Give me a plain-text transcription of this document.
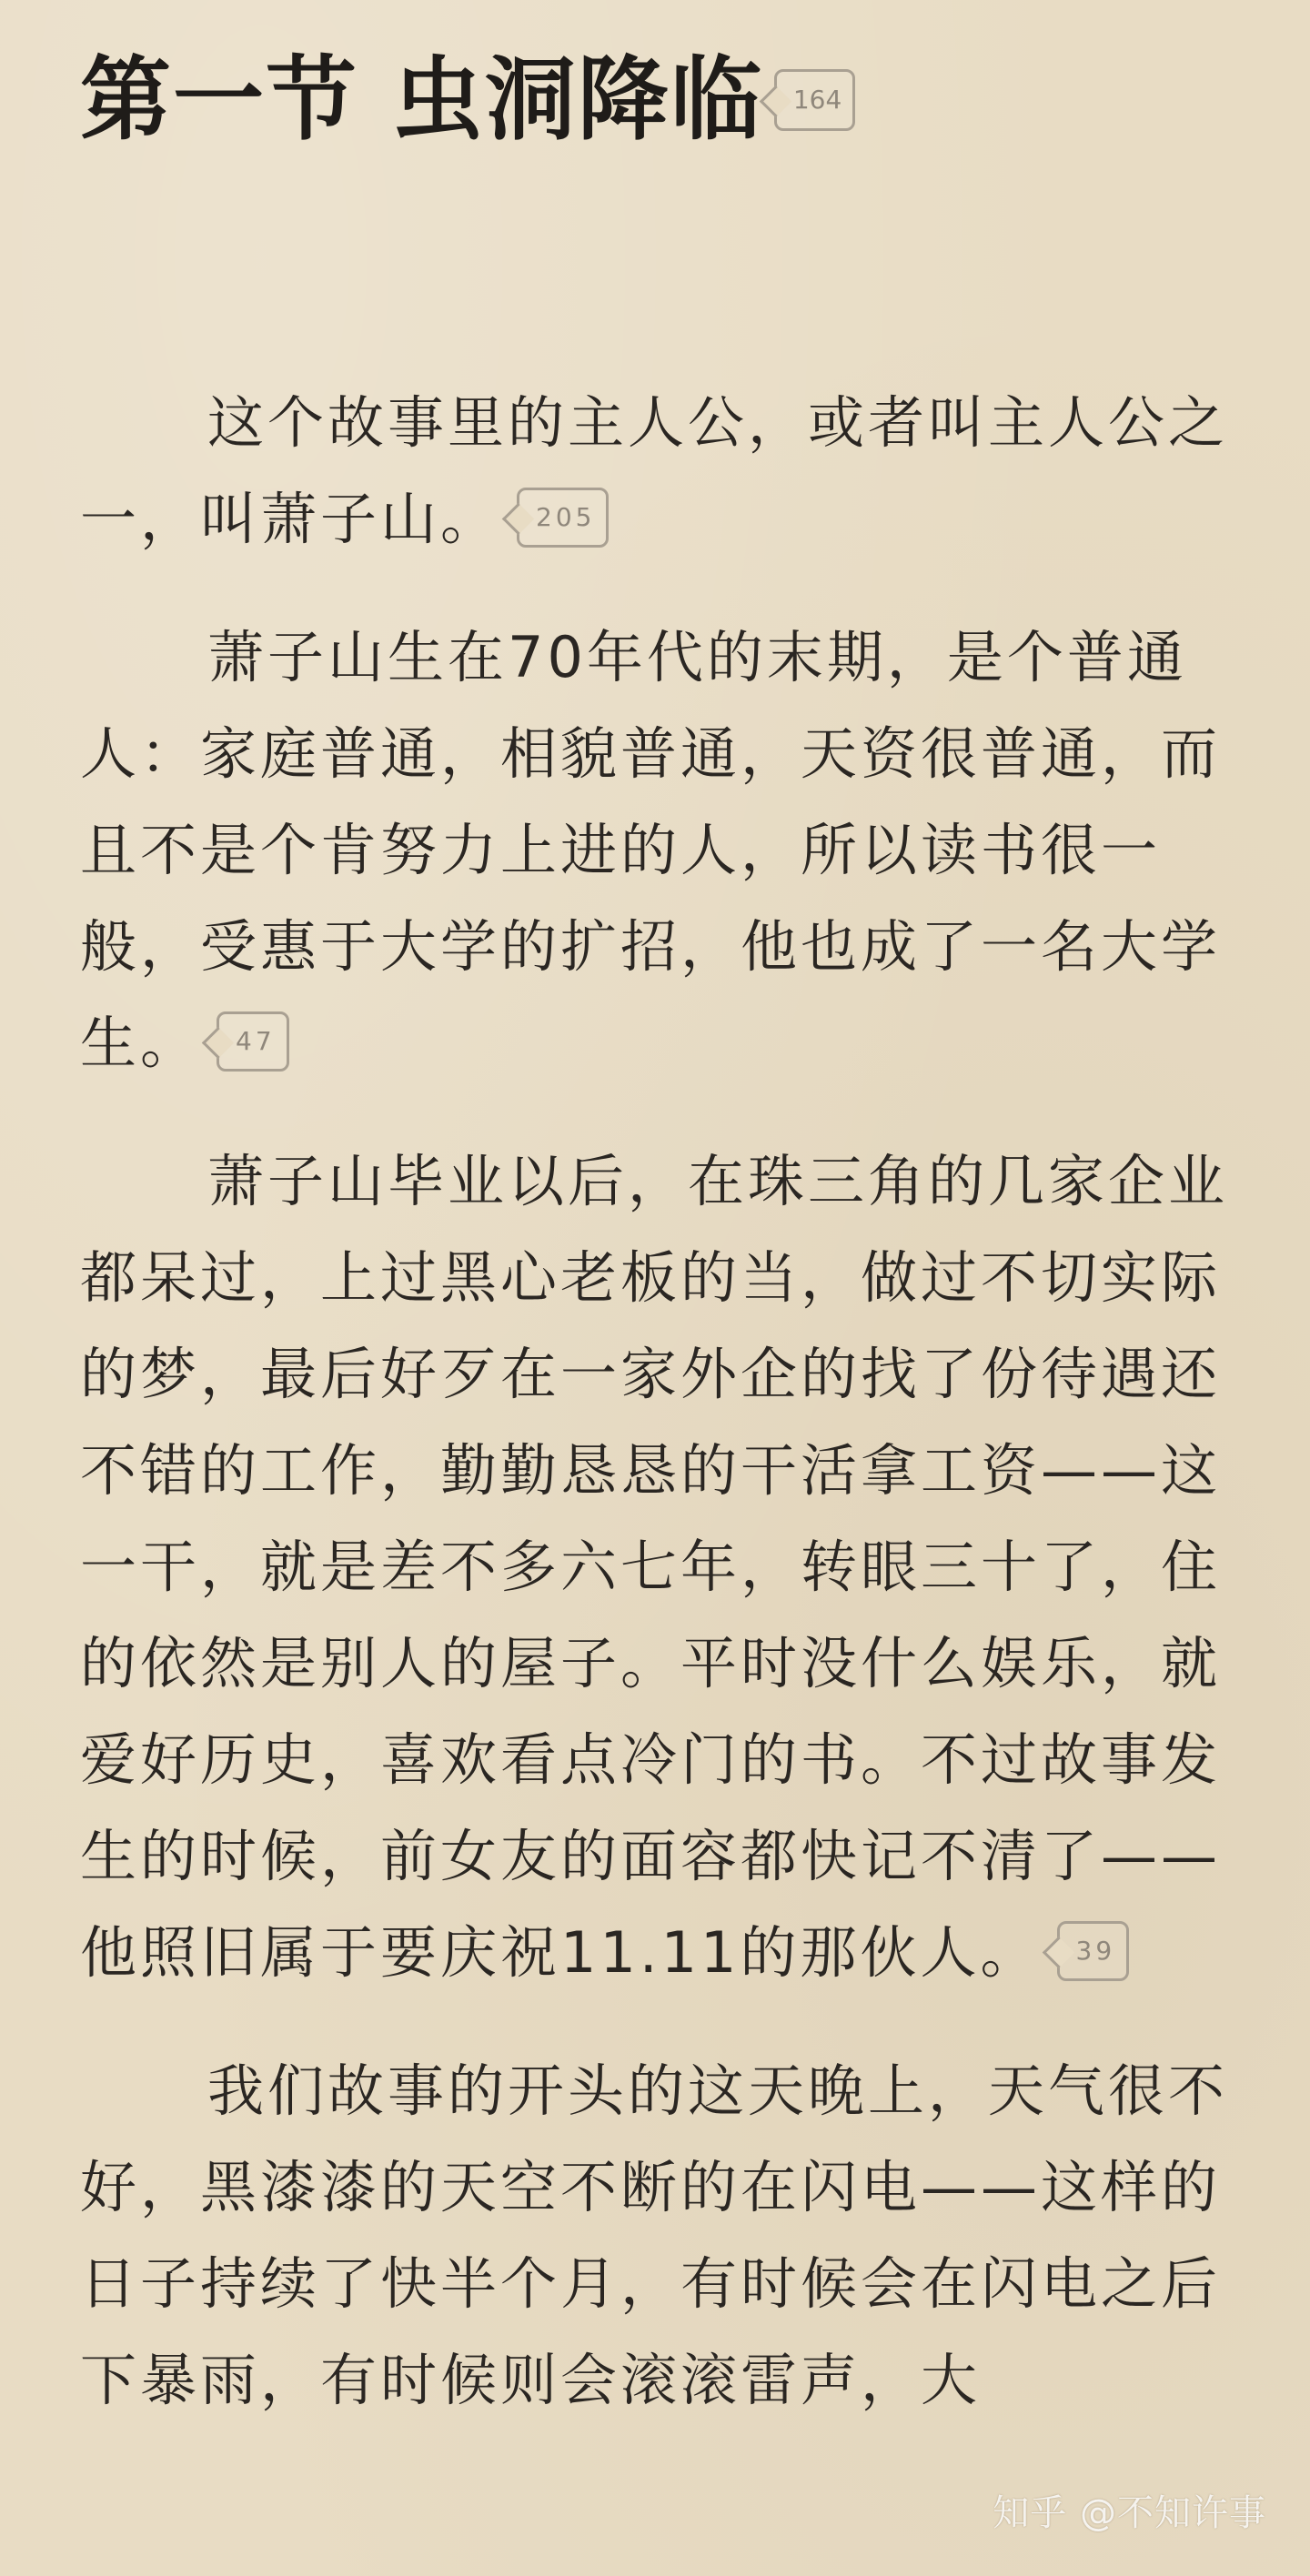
第一节 虫洞降临 164

这个故事里的主人公，或者叫主人公之一，叫萧子山。 205

萧子山生在70年代的末期，是个普通人：家庭普通，相貌普通，天资很普通，而且不是个肯努力上进的人，所以读书很一般，受惠于大学的扩招，他也成了一名大学生。 47

萧子山毕业以后，在珠三角的几家企业都呆过，上过黑心老板的当，做过不切实际的梦，最后好歹在一家外企的找了份待遇还不错的工作，勤勤恳恳的干活拿工资——这一干，就是差不多六七年，转眼三十了，住的依然是别人的屋子。平时没什么娱乐，就爱好历史，喜欢看点冷门的书。不过故事发生的时候，前女友的面容都快记不清了——他照旧属于要庆祝11.11的那伙人。 39

我们故事的开头的这天晚上，天气很不好，黑漆漆的天空不断的在闪电——这样的日子持续了快半个月，有时候会在闪电之后下暴雨，有时候则会滚滚雷声，大

知乎 @不知许事
